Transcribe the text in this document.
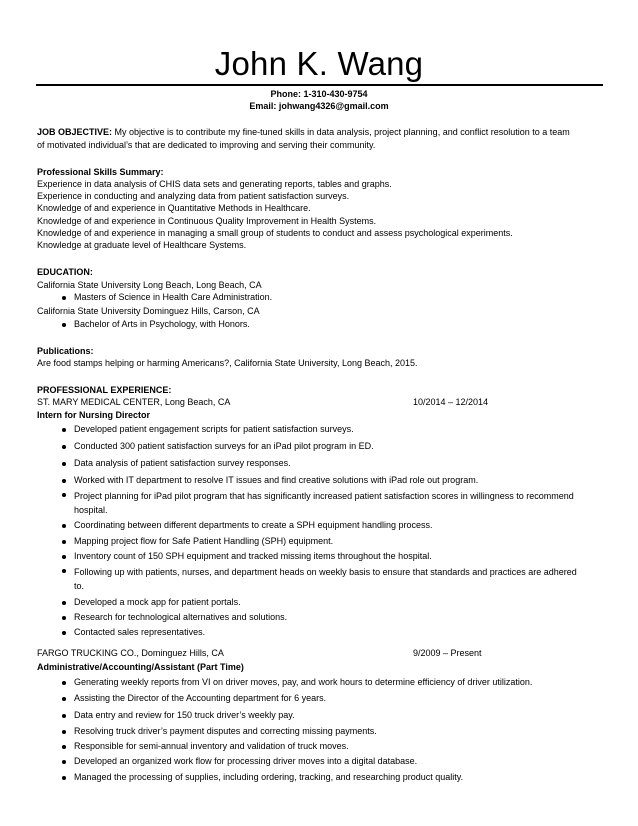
John K. Wang
Phone: 1-310-430-9754
Email: johwang4326@gmail.com
JOB OBJECTIVE: My objective is to contribute my fine-tuned skills in data analysis, project planning, and conflict resolution to a team
of motivated individual’s that are dedicated to improving and serving their community.
Professional Skills Summary:
Experience in data analysis of CHIS data sets and generating reports, tables and graphs.
Experience in conducting and analyzing data from patient satisfaction surveys.
Knowledge of and experience in Quantitative Methods in Healthcare.
Knowledge of and experience in Continuous Quality Improvement in Health Systems.
Knowledge of and experience in managing a small group of students to conduct and assess psychological experiments.
Knowledge at graduate level of Healthcare Systems.
EDUCATION:
California State University Long Beach, Long Beach, CA
Masters of Science in Health Care Administration.
California State University Dominguez Hills, Carson, CA
Bachelor of Arts in Psychology, with Honors.
Publications:
Are food stamps helping or harming Americans?, California State University, Long Beach, 2015.
PROFESSIONAL EXPERIENCE:
ST. MARY MEDICAL CENTER, Long Beach, CA	10/2014 – 12/2014
Intern for Nursing Director
Developed patient engagement scripts for patient satisfaction surveys.
Conducted 300 patient satisfaction surveys for an iPad pilot program in ED.
Data analysis of patient satisfaction survey responses.
Worked with IT department to resolve IT issues and find creative solutions with iPad role out program.
Project planning for iPad pilot program that has significantly increased patient satisfaction scores in willingness to recommend hospital.
Coordinating between different departments to create a SPH equipment handling process.
Mapping project flow for Safe Patient Handling (SPH) equipment.
Inventory count of 150 SPH equipment and tracked missing items throughout the hospital.
Following up with patients, nurses, and department heads on weekly basis to ensure that standards and practices are adhered to.
Developed a mock app for patient portals.
Research for technological alternatives and solutions.
Contacted sales representatives.
FARGO TRUCKING CO., Dominguez Hills, CA	9/2009 – Present
Administrative/Accounting/Assistant (Part Time)
Generating weekly reports from VI on driver moves, pay, and work hours to determine efficiency of driver utilization.
Assisting the Director of the Accounting department for 6 years.
Data entry and review for 150 truck driver’s weekly pay.
Resolving truck driver’s payment disputes and correcting missing payments.
Responsible for semi-annual inventory and validation of truck moves.
Developed an organized work flow for processing driver moves into a digital database.
Managed the processing of supplies, including ordering, tracking, and researching product quality.
